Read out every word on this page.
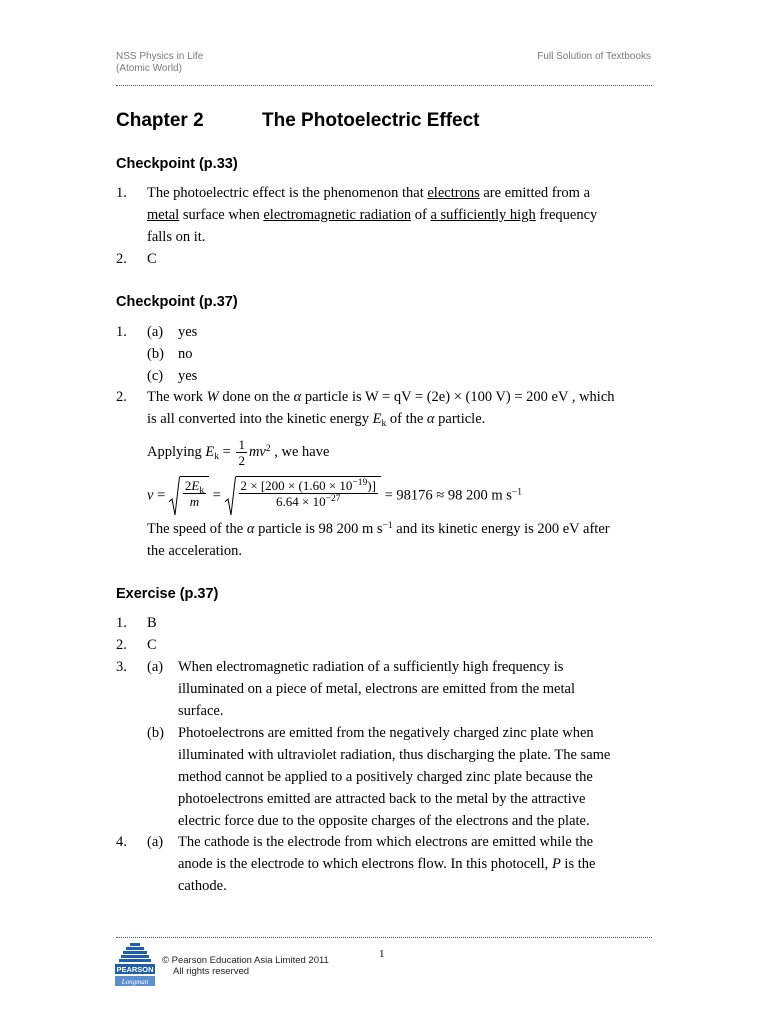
NSS Physics in Life
(Atomic World)
Full Solution of Textbooks
Chapter 2	The Photoelectric Effect
Checkpoint (p.33)
1. The photoelectric effect is the phenomenon that electrons are emitted from a
metal surface when electromagnetic radiation of a sufficiently high frequency
falls on it.
2. C
Checkpoint (p.37)
1. (a) yes
(b) no
(c) yes
2. The work W done on the α particle is W = qV = (2e) × (100 V) = 200 eV , which
is all converted into the kinetic energy $E_k$ of the α particle.
Applying $E_k = \frac{1}{2} mv^2$ , we have
$v = \frac{2E_k}{m} = \frac{2 \times [200 \times (1.60 \times 10^{-19})]}{6.64 \times 10^{-27}} = 98176 \approx 98$ 200 m $s^{-1}$
The speed of the α particle is 98 200 m $s^{-1}$ and its kinetic energy is 200 eV after
the acceleration.
Exercise (p.37)
1. B
2. C
3. (a) When electromagnetic radiation of a sufficiently high frequency is
illuminated on a piece of metal, electrons are emitted from the metal
surface.
(b) Photoelectrons are emitted from the negatively charged zinc plate when
illuminated with ultraviolet radiation, thus discharging the plate. The same
method cannot be applied to a positively charged zinc plate because the
photoelectrons emitted are attracted back to the metal by the attractive
electric force due to the opposite charges of the electrons and the plate.
4. (a) The cathode is the electrode from which electrons are emitted while the
anode is the electrode to which electrons flow. In this photocell, P is the
cathode.
PEARSON
Longman
© Pearson Education Asia Limited 2011
All rights reserved
1
